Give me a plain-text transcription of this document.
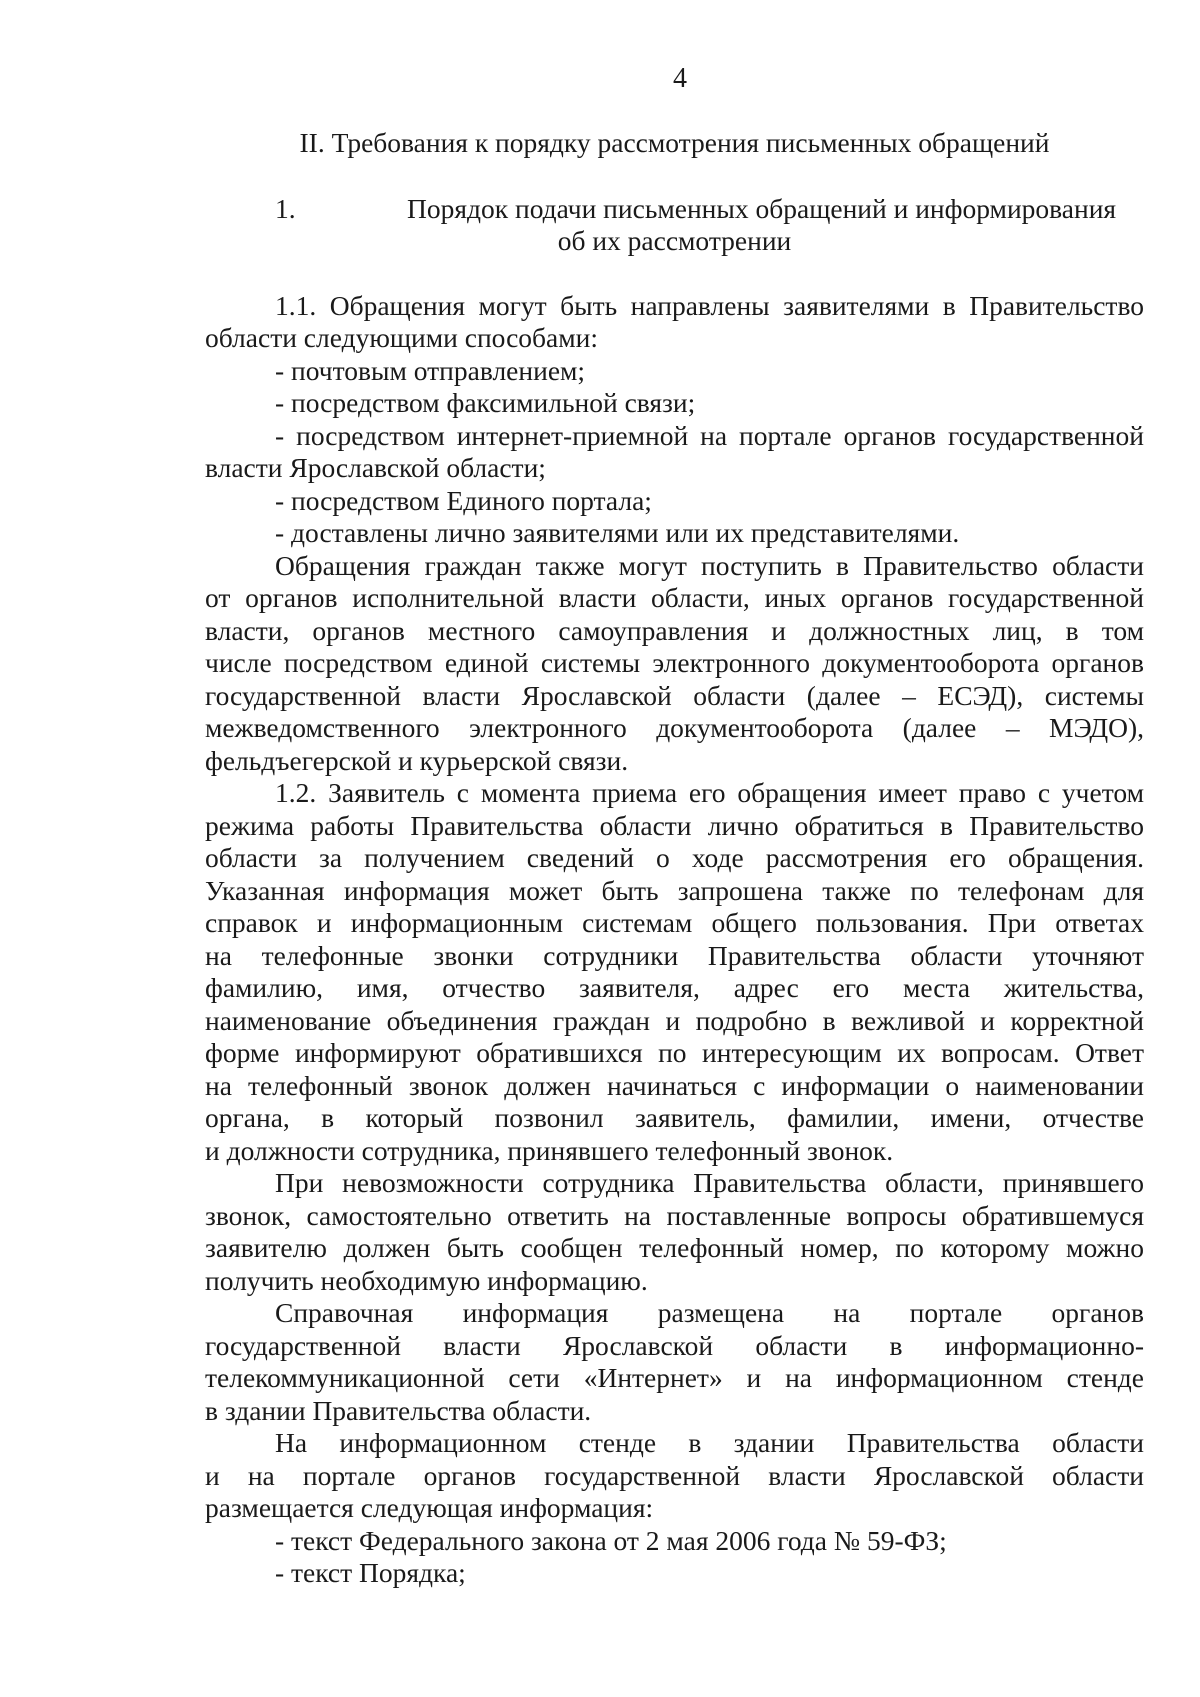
4

II. Требования к порядку рассмотрения письменных обращений

1.	Порядок подачи письменных обращений и информирования
об их рассмотрении

1.1. Обращения могут быть направлены заявителями в Правительство

области следующими способами:

- почтовым отправлением;

- посредством факсимильной связи;

- посредством интернет-приемной на портале органов государственной

власти Ярославской области;

- посредством Единого портала;

- доставлены лично заявителями или их представителями.

Обращения граждан также могут поступить в Правительство области

от органов исполнительной власти области, иных органов государственной

власти, органов местного самоуправления и должностных лиц, в том

числе посредством единой системы электронного документооборота органов

государственной власти Ярославской области (далее – ЕСЭД), системы

межведомственного электронного документооборота (далее – МЭДО),

фельдъегерской и курьерской связи.

1.2. Заявитель с момента приема его обращения имеет право с учетом

режима работы Правительства области лично обратиться в Правительство

области за получением сведений о ходе рассмотрения его обращения.

Указанная информация может быть запрошена также по телефонам для

справок и информационным системам общего пользования. При ответах

на телефонные звонки сотрудники Правительства области уточняют

фамилию, имя, отчество заявителя, адрес его места жительства,

наименование объединения граждан и подробно в вежливой и корректной

форме информируют обратившихся по интересующим их вопросам. Ответ

на телефонный звонок должен начинаться с информации о наименовании

органа, в который позвонил заявитель, фамилии, имени, отчестве

и должности сотрудника, принявшего телефонный звонок.

При невозможности сотрудника Правительства области, принявшего

звонок, самостоятельно ответить на поставленные вопросы обратившемуся

заявителю должен быть сообщен телефонный номер, по которому можно

получить необходимую информацию.

Справочная информация размещена на портале органов

государственной власти Ярославской области в информационно-

телекоммуникационной сети «Интернет» и на информационном стенде

в здании Правительства области.

На информационном стенде в здании Правительства области

и на портале органов государственной власти Ярославской области

размещается следующая информация:

- текст Федерального закона от 2 мая 2006 года № 59-ФЗ;

- текст Порядка;
